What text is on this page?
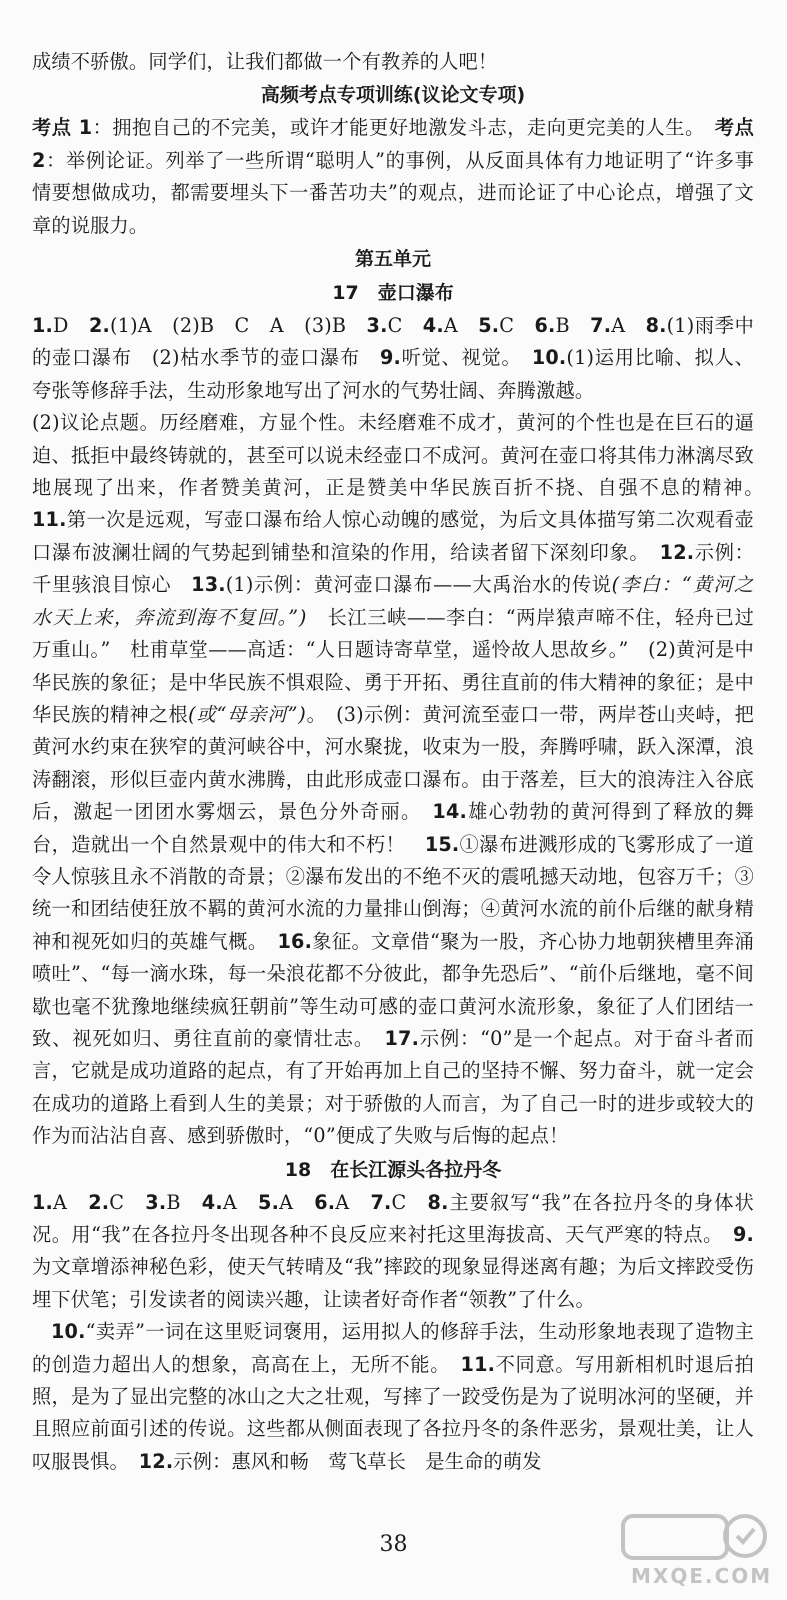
成绩不骄傲。同学们，让我们都做一个有教养的人吧！

高频考点专项训练(议论文专项)

考点 1：拥抱自己的不完美，或许才能更好地激发斗志，走向更完美的人生。　 考点 2：举例论证。列举了一些所谓“聪明人”的事例，从反面具体有力地证明了“许多事情要想做成功，都需要埋头下一番苦功夫”的观点，进而论证了中心论点，增强了文章的说服力。

第五单元

17　壶口瀑布

1.D　2.(1)A　(2)B　C　A　(3)B　3.C　4.A　5.C　6.B　7.A　8.(1)雨季中的壶口瀑布　(2)枯水季节的壶口瀑布　9.听觉、视觉。　10.(1)运用比喻、拟人、夸张等修辞手法，生动形象地写出了河水的气势壮阔、奔腾激越。

(2)议论点题。历经磨难，方显个性。未经磨难不成才，黄河的个性也是在巨石的逼迫、抵拒中最终铸就的，甚至可以说未经壶口不成河。黄河在壶口将其伟力淋漓尽致地展现了出来，作者赞美黄河，正是赞美中华民族百折不挠、自强不息的精神。　11.第一次是远观，写壶口瀑布给人惊心动魄的感觉，为后文具体描写第二次观看壶口瀑布波澜壮阔的气势起到铺垫和渲染的作用，给读者留下深刻印象。　12.示例：千里骇浪目惊心　13.(1)示例：黄河壶口瀑布——大禹治水的传说(李白：“黄河之水天上来，奔流到海不复回。”)　长江三峡——李白：“两岸猿声啼不住，轻舟已过万重山。”　杜甫草堂——高适：“人日题诗寄草堂，遥怜故人思故乡。”　(2)黄河是中华民族的象征；是中华民族不惧艰险、勇于开拓、勇往直前的伟大精神的象征；是中华民族的精神之根(或“母亲河”)。　(3)示例：黄河流至壶口一带，两岸苍山夹峙，把黄河水约束在狭窄的黄河峡谷中，河水聚拢，收束为一股，奔腾呼啸，跃入深潭，浪涛翻滚，形似巨壶内黄水沸腾，由此形成壶口瀑布。由于落差，巨大的浪涛注入谷底后，激起一团团水雾烟云，景色分外奇丽。　14.雄心勃勃的黄河得到了释放的舞台，造就出一个自然景观中的伟大和不朽！　15.①瀑布进溅形成的飞雾形成了一道令人惊骇且永不消散的奇景；②瀑布发出的不绝不灭的震吼撼天动地，包容万千；③统一和团结使狂放不羁的黄河水流的力量排山倒海；④黄河水流的前仆后继的献身精神和视死如归的英雄气概。　16.象征。文章借“聚为一股，齐心协力地朝狭槽里奔涌喷吐”、“每一滴水珠，每一朵浪花都不分彼此，都争先恐后”、“前仆后继地，毫不间歇也毫不犹豫地继续疯狂朝前”等生动可感的壶口黄河水流形象，象征了人们团结一致、视死如归、勇往直前的豪情壮志。　17.示例：“0”是一个起点。对于奋斗者而言，它就是成功道路的起点，有了开始再加上自己的坚持不懈、努力奋斗，就一定会在成功的道路上看到人生的美景；对于骄傲的人而言，为了自己一时的进步或较大的作为而沾沾自喜、感到骄傲时，“0”便成了失败与后悔的起点！

18　在长江源头各拉丹冬

1.A　2.C　3.B　4.A　5.A　6.A　7.C　8.主要叙写“我”在各拉丹冬的身体状况。用“我”在各拉丹冬出现各种不良反应来衬托这里海拔高、天气严寒的特点。　9.为文章增添神秘色彩，使天气转晴及“我”摔跤的现象显得迷离有趣；为后文摔跤受伤埋下伏笔；引发读者的阅读兴趣，让读者好奇作者“领教”了什么。

10.“卖弄”一词在这里贬词褒用，运用拟人的修辞手法，生动形象地表现了造物主的创造力超出人的想象，高高在上，无所不能。　11.不同意。写用新相机时退后拍照，是为了显出完整的冰山之大之壮观，写摔了一跤受伤是为了说明冰河的坚硬，并且照应前面引述的传说。这些都从侧面表现了各拉丹冬的条件恶劣，景观壮美，让人叹服畏惧。　12.示例：惠风和畅　莺飞草长　是生命的萌发

38
MXQE.COM
